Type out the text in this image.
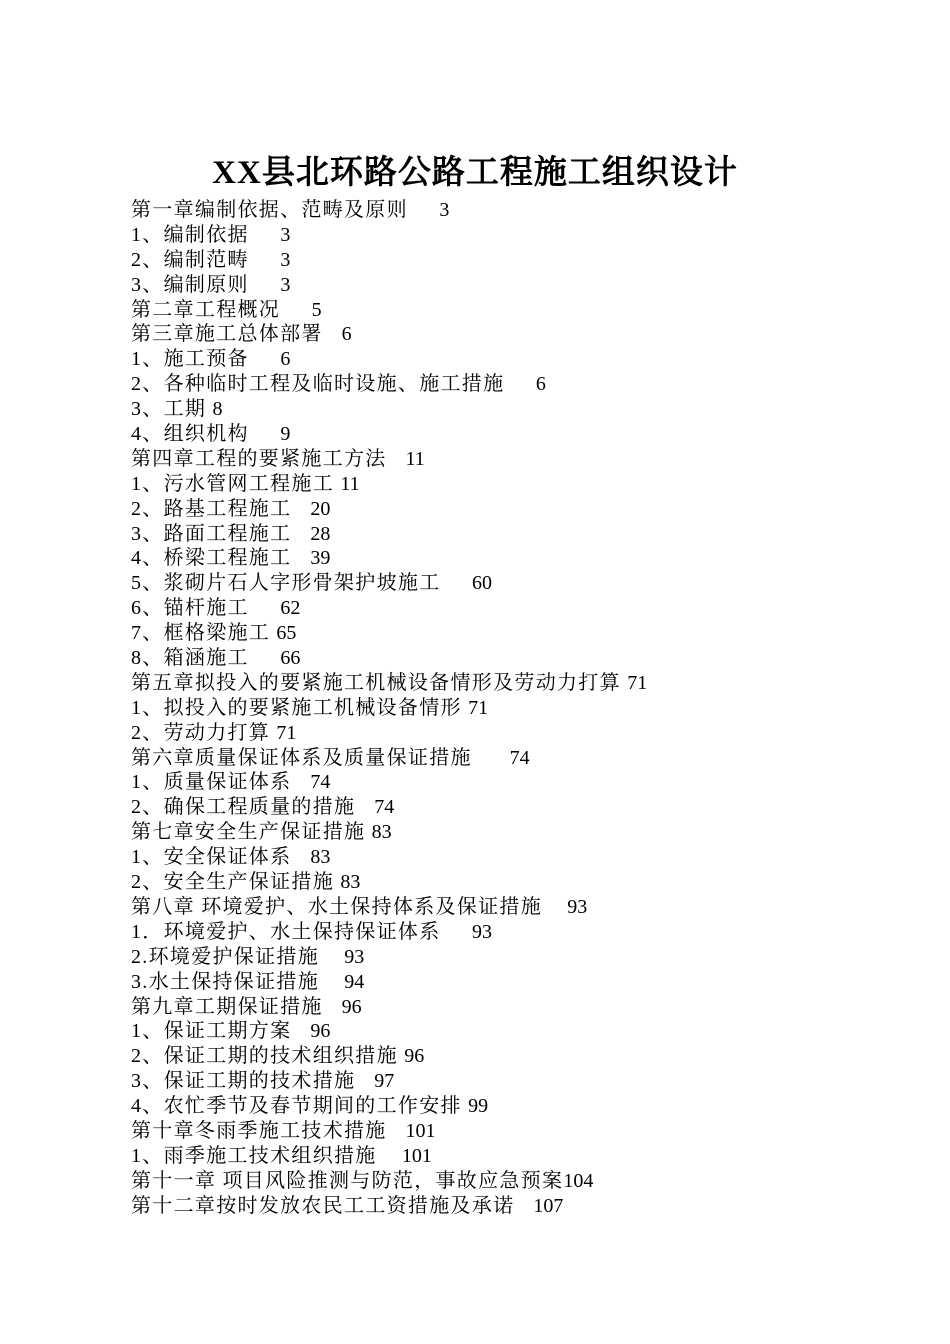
XX县北环路公路工程施工组织设计
第一章编制依据、范畴及原则 3
1、编制依据 3
2、编制范畴 3
3、编制原则 3
第二章工程概况 5
第三章施工总体部署 6
1、施工预备 6
2、各种临时工程及临时设施、施工措施 6
3、工期 8
4、组织机构 9
第四章工程的要紧施工方法 11
1、污水管网工程施工 11
2、路基工程施工 20
3、路面工程施工 28
4、桥梁工程施工 39
5、浆砌片石人字形骨架护坡施工 60
6、锚杆施工 62
7、框格梁施工 65
8、箱涵施工 66
第五章拟投入的要紧施工机械设备情形及劳动力打算 71
1、拟投入的要紧施工机械设备情形 71
2、劳动力打算 71
第六章质量保证体系及质量保证措施 74
1、质量保证体系 74
2、确保工程质量的措施 74
第七章安全生产保证措施 83
1、安全保证体系 83
2、安全生产保证措施 83
第八章 环境爱护、水土保持体系及保证措施 93
1．环境爱护、水土保持保证体系 93
2.环境爱护保证措施 93
3.水土保持保证措施 94
第九章工期保证措施 96
1、保证工期方案 96
2、保证工期的技术组织措施 96
3、保证工期的技术措施 97
4、农忙季节及春节期间的工作安排 99
第十章冬雨季施工技术措施 101
1、雨季施工技术组织措施 101
第十一章 项目风险推测与防范，事故应急预案104
第十二章按时发放农民工工资措施及承诺 107
